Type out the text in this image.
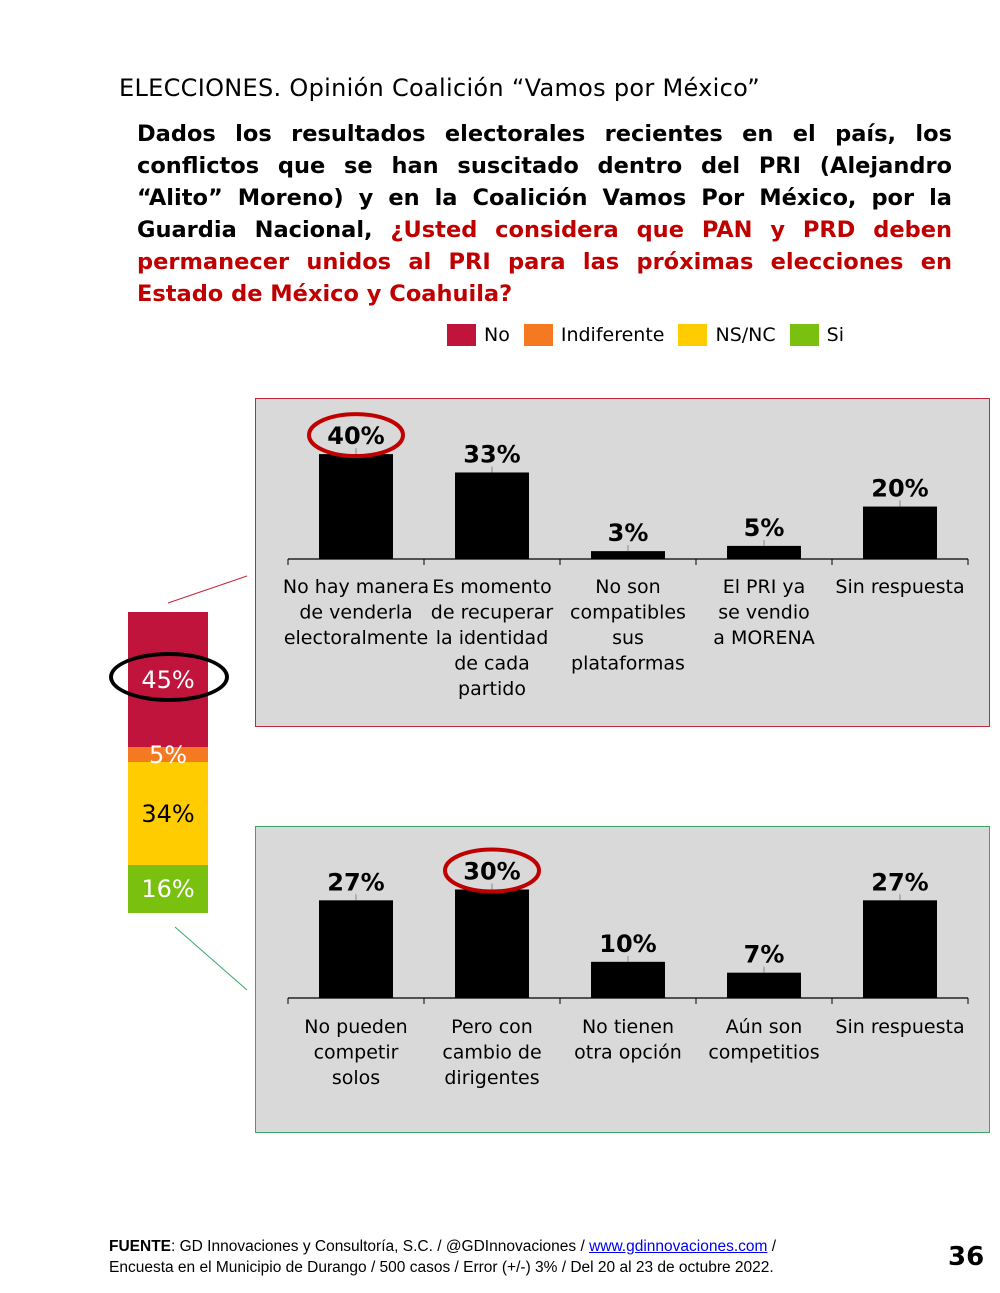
ELECCIONES. Opinión Coalición “Vamos por México”
Dados los resultados electorales recientes en el país, los conflictos que se han suscitado dentro del PRI (Alejandro “Alito” Moreno) y en la Coalición Vamos Por México, por la Guardia Nacional, ¿Usted considera que PAN y PRD deben permanecer unidos al PRI para las próximas elecciones en Estado de México y Coahuila?
No	Indiferente	NS/NC	Si
45%
5%
34%
16%
40%
No hay manera
de venderla
electoralmente
33%
Es momento
de recuperar
la identidad
de cada
partido
3%
No son
compatibles
sus
plataformas
5%
El PRI ya
se vendio
a MORENA
20%
Sin respuesta
27%
No pueden
competir
solos
30%
Pero con
cambio de
dirigentes
10%
No tienen
otra opción
7%
Aún son
competitios
27%
Sin respuesta
FUENTE: GD Innovaciones y Consultoría, S.C. / @GDInnovaciones / www.gdinnovaciones.com /
Encuesta en el Municipio de Durango / 500 casos / Error (+/-) 3% / Del 20 al 23 de octubre 2022.	36
